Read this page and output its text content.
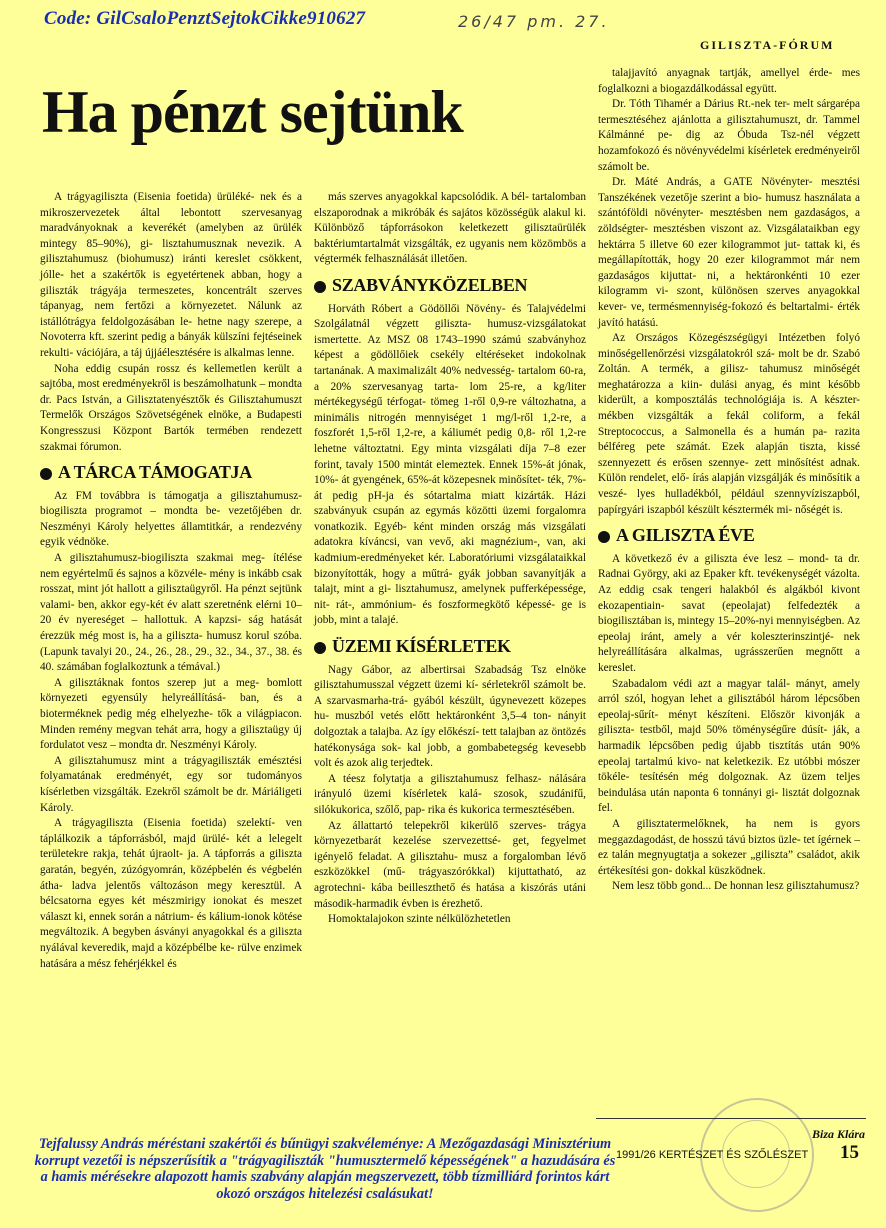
Code: GilCsaloPenztSejtokCikke910627	26/47 pm. 27.
GILISZTA-FÓRUM
Ha pénzt sejtünk

A trágyagiliszta (Eisenia foetida) ürüléké- nek és a mikroszervezetek által lebontott szervesanyag maradványoknak a keverékét (amelyben az ürülék mintegy 85–90%), gi- lisztahumusznak nevezik. A gilisztahumusz (biohumusz) iránti kereslet csökkent, jólle- het a szakértők is egyetértenek abban, hogy a giliszták trágyája termeszetes, koncentrált szerves tápanyag, nem fertőzi a környezetet. Nálunk az istállótrágya feldolgozásában le- hetne nagy szerepe, a Novoterra kft. szerint pedig a bányák külszíni fejtéseinek rekulti- vációjára, a táj újjáélesztésére is alkalmas lenne.

Noha eddig csupán rossz és kellemetlen került a sajtóba, most eredményekről is beszámolhatunk – mondta dr. Pacs István, a Gilisztatenyésztők és Gilisztahumuszt Termelők Országos Szövetségének elnöke, a Budapesti Kongresszusi Központ Bartók termében rendezett szakmai fórumon.

A TÁRCA TÁMOGATJA

Az FM továbbra is támogatja a gilisztahumusz-biogiliszta programot – mondta be- vezetőjében dr. Neszményi Károly helyettes államtitkár, a rendezvény egyik védnöke.

A gilisztahumusz-biogiliszta szakmai meg- ítélése nem egyértelmű és sajnos a közvéle- mény is inkább csak rosszat, mint jót hallott a gilisztaügyről. Ha pénzt sejtünk valami- ben, akkor egy-két év alatt szeretnénk elérni 10–20 év nyereséget – hallottuk. A kapzsi- ság hatását érezzük még most is, ha a giliszta- humusz korul szóba. (Lapunk tavalyi 20., 24., 26., 28., 29., 32., 34., 37., 38. és 40. számában foglalkoztunk a témával.)

A gilisztáknak fontos szerep jut a meg- bomlott környezeti egyensúly helyreállításá- ban, és a bioterméknek pedig még elhelyezhe- tők a világpiacon. Minden remény megvan tehát arra, hogy a gilisztaügy új fordulatot vesz – mondta dr. Neszményi Károly.

A gilisztahumusz mint a trágyagiliszták emésztési folyamatának eredményét, egy sor tudományos kísérletben vizsgálták. Ezekről számolt be dr. Máriáligeti Károly.

A trágyagiliszta (Eisenia foetida) szelektí- ven táplálkozik a tápforrásból, majd ürülé- két a lelegelt területekre rakja, tehát újraolt- ja. A tápforrás a giliszta garatán, begyén, zúzógyomrán, középbelén és végbelén átha- ladva jelentős változáson megy keresztül. A bélcsatorna egyes két mészmirigy ionokat és meszet választ ki, ennek során a nátrium- és kálium-ionok kötése megváltozik. A begyben ásványi anyagokkal és a giliszta nyálával keveredik, majd a középbélbe ke- rülve enzimek hatására a mész fehérjékkel és

más szerves anyagokkal kapcsolódik. A bél- tartalomban elszaporodnak a mikróbák és sajátos közösségük alakul ki. Különböző tápforrásokon keletkezett gilisztaürülék baktériumtartalmát vizsgálták, ez ugyanis nem közömbös a végtermék felhasználását illetően.

SZABVÁNYKÖZELBEN

Horváth Róbert a Gödöllői Növény- és Talajvédelmi Szolgálatnál végzett giliszta- humusz-vizsgálatokat ismertette. Az MSZ 08 1743–1990 számú szabványhoz képest a gödöllőiek csekély eltéréseket indokolnak tartanának. A maximalizált 40% nedvesség- tartalom 60-ra, a 20% szervesanyag tarta- lom 25-re, a kg/liter mértékegységű térfogat- tömeg 1-ről 0,9-re változhatna, a minimális nitrogén mennyiséget 1 mg/l-ről 1,2-re, a foszforét 1,5-ről 1,2-re, a káliumét pedig 0,8- ről 1,2-re lehetne változtatni. Egy minta vizsgálati díja 7–8 ezer forint, tavaly 1500 mintát elemeztek. Ennek 15%-át jónak, 10%- át gyengének, 65%-át közepesnek minősítet- ték, 7%-át pedig pH-ja és sótartalma miatt kizárták. Házi szabványuk csupán az egymás közötti üzemi forgalomra vonatkozik. Egyéb- ként minden ország más vizsgálati adatokra kíváncsi, van vevő, aki magnézium-, van, aki kadmium-eredményeket kér. Laboratóriumi vizsgálataikkal bizonyították, hogy a műtrá- gyák jobban savanyítják a talajt, mint a gi- lisztahumusz, amelynek pufferképessége, nit- rát-, ammónium- és foszformegkötő képessé- ge is jobb, mint a talajé.

ÜZEMI KÍSÉRLETEK

Nagy Gábor, az albertirsai Szabadság Tsz elnöke gilisztahumusszal végzett üzemi kí- sérletekről számolt be. A szarvasmarha-trá- gyából készült, úgynevezett közepes hu- muszból vetés előtt hektáronként 3,5–4 ton- nányit dolgoztak a talajba. Az így előkészí- tett talajban az öntözés hatékonysága sok- kal jobb, a gombabetegség kevesebb volt és azok alig terjedtek.

A téesz folytatja a gilisztahumusz felhasz- nálására irányuló üzemi kísérletek kalá- szosok, szudánifű, silókukorica, szőlő, pap- rika és kukorica termesztésében.

Az állattartó telepekről kikerülő szerves- trágya környezetbarát kezelése szervezettsé- get, fegyelmet igényelő feladat. A gilisztahu- musz a forgalomban lévő eszközökkel (mű- trágyaszórókkal) kijuttatható, az agrotechni- kába beilleszthető és hatása a kiszórás utáni második-harmadik évben is érezhető.

Homoktalajokon szinte nélkülözhetetlen

talajjavító anyagnak tartják, amellyel érde- mes foglalkozni a biogazdálkodással együtt.

Dr. Tóth Tihamér a Dárius Rt.-nek ter- melt sárgarépa termesztéséhez ajánlotta a gilisztahumuszt, dr. Tammel Kálmánné pe- dig az Óbuda Tsz-nél végzett hozamfokozó és növényvédelmi kísérletek eredményeiről számolt be.

Dr. Máté András, a GATE Növényter- mesztési Tanszékének vezetője szerint a bio- humusz használata a szántóföldi növényter- mesztésben nem gazdaságos, a zöldségter- mesztésben viszont az. Vizsgálataikban egy hektárra 5 illetve 60 ezer kilogrammot jut- tattak ki, és megállapították, hogy 20 ezer kilogrammot már nem gazdaságos kijuttat- ni, a hektáronkénti 10 ezer kilogramm vi- szont, különösen szerves anyagokkal kever- ve, termésmennyiség-fokozó és beltartalmi- érték javító hatású.

Az Országos Közegészségügyi Intézetben folyó minőségellenőrzési vizsgálatokról szá- molt be dr. Szabó Zoltán. A termék, a gilisz- tahumusz minőségét meghatározza a kiin- dulási anyag, és mint később kiderült, a komposztálás technológiája is. A készter- mékben vizsgálták a fekál coliform, a fekál Streptococcus, a Salmonella és a humán pa- razita bélféreg pete számát. Ezek alapján tiszta, kissé szennyezett és erősen szennye- zett minősítést adnak. Külön rendelet, elő- írás alapján vizsgálják és minősítik a veszé- lyes hulladékból, például szennyvíziszapból, papírgyári iszapból készült késztermék mi- nőségét is.

A GILISZTA ÉVE

A következő év a giliszta éve lesz – mond- ta dr. Radnai György, aki az Epaker kft. tevékenységét vázolta. Az eddig csak tengeri halakból és algákból kivont ekozapentiain- savat (epeolajat) felfedezték a biogilisztában is, mintegy 15–20%-nyi mennyiségben. Az epeolaj iránt, amely a vér koleszterinszintjé- nek helyreállítására alkalmas, ugrásszerűen megnőtt a kereslet.

Szabadalom védi azt a magyar talál- mányt, amely arról szól, hogyan lehet a gilisztából három lépcsőben epeolaj-sűrít- ményt készíteni. Először kivonják a giliszta- testből, majd 50% töménységűre dúsít- ják, a harmadik lépcsőben pedig újabb tisztítás után 90% epeolaj tartalmú kivo- nat keletkezik. Ez utóbbi mószer tökéle- tesítésén még dolgoznak. Az üzem teljes beindulása után naponta 6 tonnányi gi- lisztát dolgoznak fel.

A gilisztatermelőknek, ha nem is gyors meggazdagodást, de hosszú távú biztos üzle- tet ígérnek – ez talán megnyugtatja a sokezer „giliszta” családot, akik értékesítési gon- dokkal küszködnek.

Nem lesz több gond... De honnan lesz gilisztahumusz?

Biza Klára
1991/26 KERTÉSZET ÉS SZŐLÉSZET 15
Tejfalussy András méréstani szakértői és bűnügyi szakvéleménye: A Mezőgazdasági Minisztérium korrupt vezetői is népszerűsítik a "trágyagiliszták "humusztermelő képességének" a hazudására és a hamis mérésekre alapozott hamis szabvány alapján megszervezett, több tízmilliárd forintos kárt okozó országos hitelezési csalásukat!
